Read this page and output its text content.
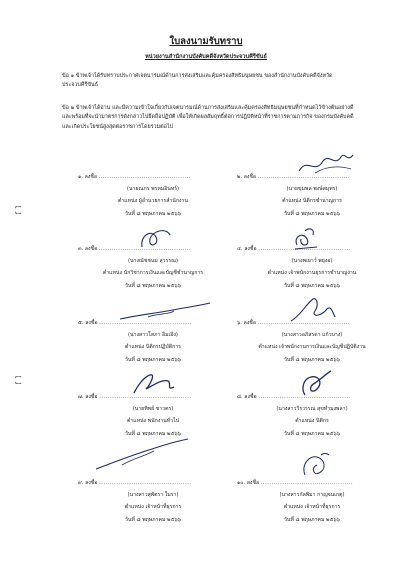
ใบลงนามรับทราบ
หน่วยงานสำนักงานบังคับคดีจังหวัดประจวบคีรีขันธ์
ข้อ ๑ ข้าพเจ้าได้รับทราบประกาศเจตนารมณ์ด้านการส่งเสริมและคุ้มครองสิทธิมนุษยชน ของสำนักงานบังคับคดีจังหวัดประจวบคีรีขันธ์
ข้อ ๒ ข้าพเจ้าได้อ่าน และมีความเข้าใจเกี่ยวกับเจตนารมณ์ด้านการส่งเสริมและคุ้มครองสิทธิมนุษยชนที่กำหนดไว้ข้างต้นอย่างดี และพร้อมที่จะนำมาตรการดังกล่าวไปยึดถือปฏิบัติ เพื่อให้เกิดผลสัมฤทธิ์ต่อการปฏิบัติหน้าที่ราชการตามภารกิจ ของกรมบังคับคดี และเกิดประโยชน์สูงสุดต่อราชการโดยรวมต่อไป
๑. ลงชื่อ ...........................................
(นายณภร พรหมอินทร์)
ตำแหน่ง ผู้อำนวยการสำนักงาน
วันที่ ๘ พฤษภาคม ๒๕๖๖
๒. ลงชื่อ ...........................................
(นายขุมพล พงษ์สมุทร)
ตำแหน่ง นิติกรชำนาญการ
วันที่ ๘ พฤษภาคม ๒๕๖๖
๓. ลงชื่อ ...........................................
(นางณัชชนม สุวรรณ)
ตำแหน่ง นักวิชาการเงินและบัญชีชำนาญการ
วันที่ ๘ พฤษภาคม ๒๕๖๖
๔. ลงชื่อ ...........................................
(นางพเยาว์ พยุงอ)
ตำแหน่ง เจ้าพนักงานธุรการชำนาญงาน
วันที่ ๘ พฤษภาคม ๒๕๖๖
๕. ลงชื่อ ...........................................
(นางสาวโสภา อิ่มเอิ่ง)
ตำแหน่ง นิติกรปฏิบัติการ
วันที่ ๘ พฤษภาคม ๒๕๖๖
๖. ลงชื่อ ...........................................
(นางสาวอภิสรดา แก้วบาง)
ตำแหน่ง เจ้าพนักงานการเงินและบัญชีปฏิบัติงาน
วันที่ ๘ พฤษภาคม ๒๕๖๖
๗. ลงชื่อ ...........................................
(นายทิพย์ ชาวตร)
ตำแหน่ง พนักงานทั่วไป
วันที่ ๘ พฤษภาคม ๒๕๖๖
๘. ลงชื่อ ...........................................
(นางสาววิรวรรณ สุขทำมงพลา)
ตำแหน่ง นิติกร
วันที่ ๘ พฤษภาคม ๒๕๖๖
๙. ลงชื่อ ...........................................
(นางสาวสุพัตรา ใมรา)
ตำแหน่ง เจ้าหน้าที่ธุรการ
วันที่ ๘ พฤษภาคม ๒๕๖๖
๑๐. ลงชื่อ ...........................................
(นางสาวกัลพิมา กาญจนเกตุ)
ตำแหน่ง เจ้าหน้าที่ธุรการ
วันที่ ๘ พฤษภาคม ๒๕๖๖
